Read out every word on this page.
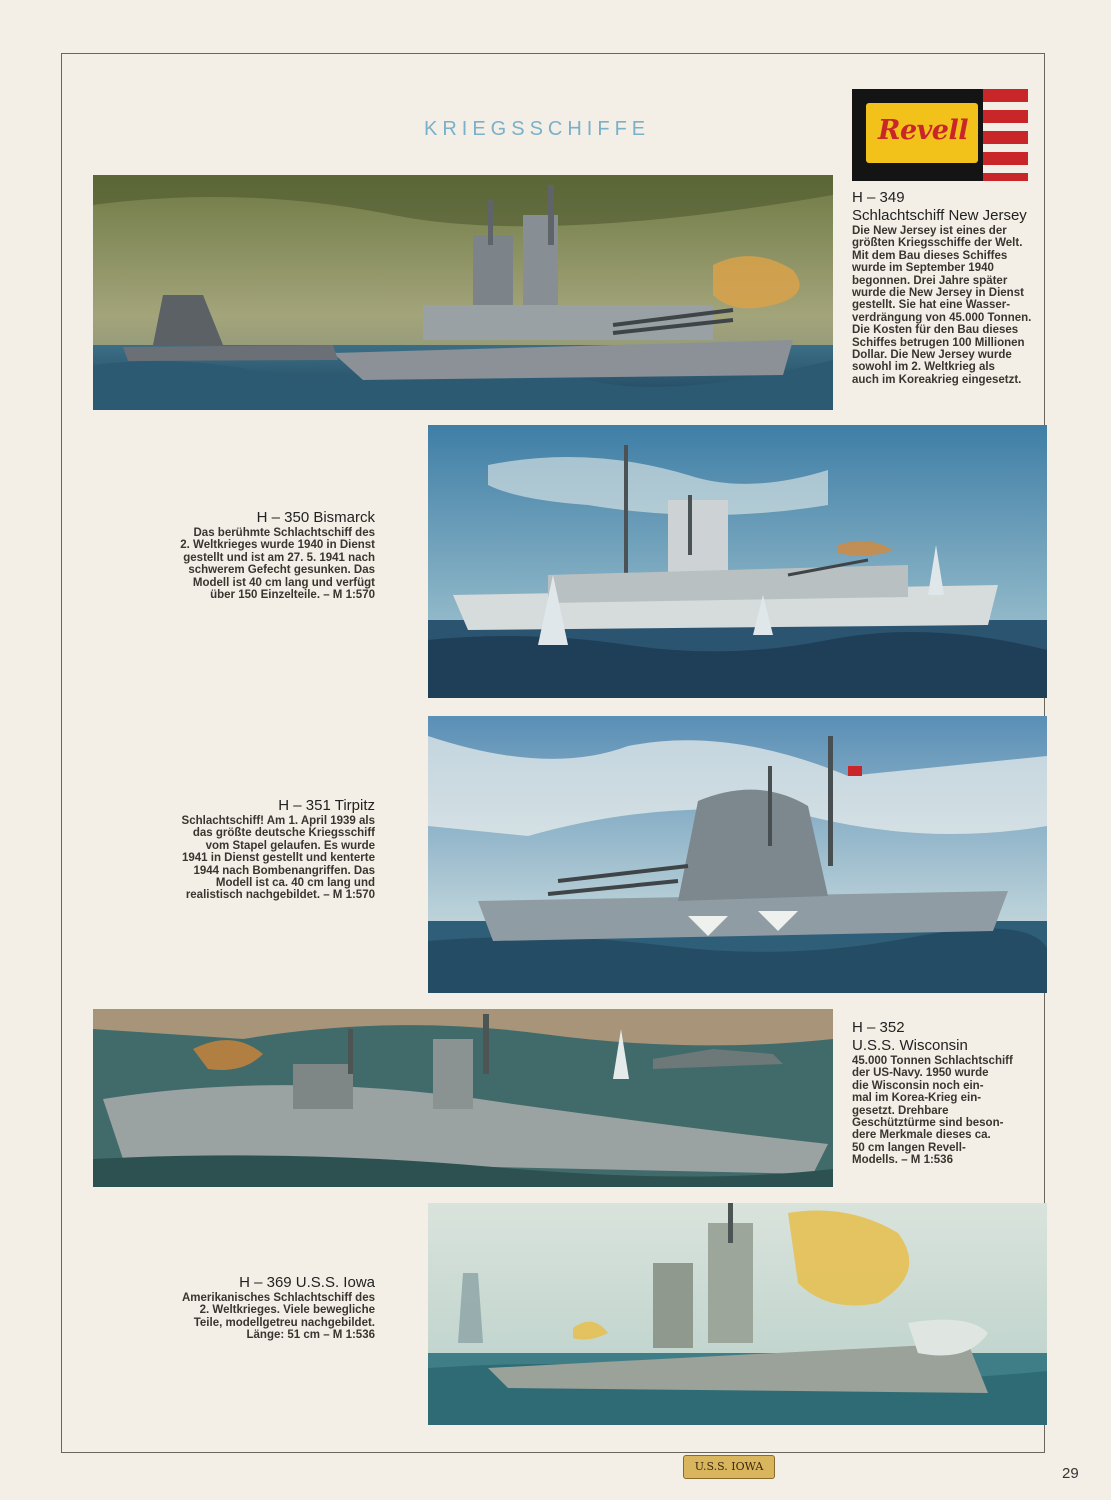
KRIEGSSCHIFFE	Revell

H – 349

Schlachtschiff New Jersey

Die New Jersey ist eines der
größten Kriegsschiffe der Welt.
Mit dem Bau dieses Schiffes
wurde im September 1940
begonnen. Drei Jahre später
wurde die New Jersey in Dienst
gestellt. Sie hat eine Wasser-
verdrängung von 45.000 Tonnen.
Die Kosten für den Bau dieses
Schiffes betrugen 100 Millionen
Dollar. Die New Jersey wurde
sowohl im 2. Weltkrieg als
auch im Koreakrieg eingesetzt.

H – 350 Bismarck

Das berühmte Schlachtschiff des
2. Weltkrieges wurde 1940 in Dienst
gestellt und ist am 27. 5. 1941 nach
schwerem Gefecht gesunken. Das
Modell ist 40 cm lang und verfügt
über 150 Einzelteile. – M 1:570

H – 351 Tirpitz

Schlachtschiff! Am 1. April 1939 als
das größte deutsche Kriegsschiff
vom Stapel gelaufen. Es wurde
1941 in Dienst gestellt und kenterte
1944 nach Bombenangriffen. Das
Modell ist ca. 40 cm lang und
realistisch nachgebildet. – M 1:570

H – 352

U.S.S. Wisconsin

45.000 Tonnen Schlachtschiff
der US-Navy. 1950 wurde
die Wisconsin noch ein-
mal im Korea-Krieg ein-
gesetzt. Drehbare
Geschütztürme sind beson-
dere Merkmale dieses ca.
50 cm langen Revell-
Modells. – M 1:536

U.S.S. IOWA

H – 369 U.S.S. Iowa

Amerikanisches Schlachtschiff des
2. Weltkrieges. Viele bewegliche
Teile, modellgetreu nachgebildet.
Länge: 51 cm – M 1:536

29
